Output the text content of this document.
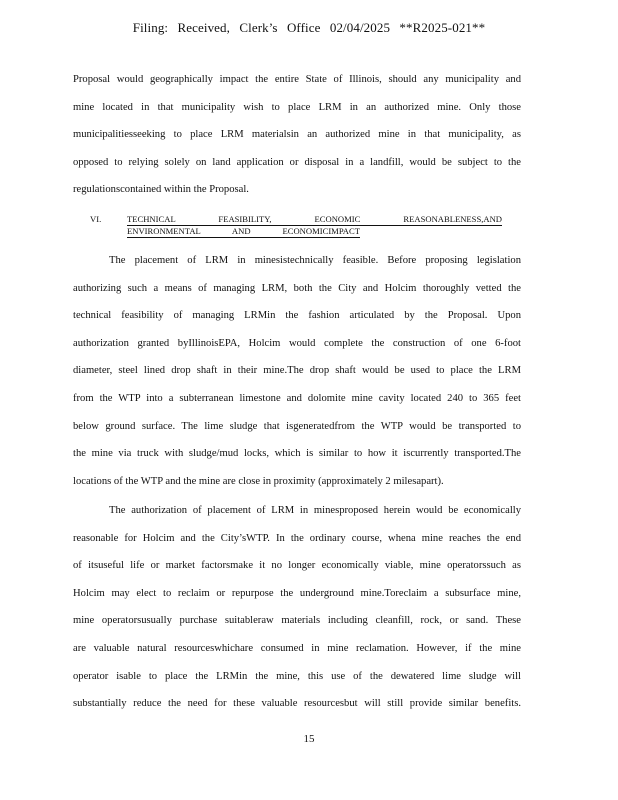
Filing: Received, Clerk’s Office 02/04/2025 **R2025-021**
Proposal would geographically impact the entire State of Illinois, should any municipality and
mine located in that municipality wish to place LRM in an authorized mine. Only those
municipalitiesseeking to place LRM materialsin an authorized mine in that municipality, as
opposed to relying solely on land application or disposal in a landfill, would be subject to the
regulationscontained within the Proposal.
VI.	TECHNICAL FEASIBILITY, ECONOMIC REASONABLENESS,AND
ENVIRONMENTAL AND ECONOMICIMPACT
The placement of LRM in minesistechnically feasible. Before proposing legislation
authorizing such a means of managing LRM, both the City and Holcim thoroughly vetted the
technical feasibility of managing LRMin the fashion articulated by the Proposal. Upon
authorization granted byIllinoisEPA, Holcim would complete the construction of one 6-foot
diameter, steel lined drop shaft in their mine.The drop shaft would be used to place the LRM
from the WTP into a subterranean limestone and dolomite mine cavity located 240 to 365 feet
below ground surface. The lime sludge that isgeneratedfrom the WTP would be transported to
the mine via truck with sludge/mud locks, which is similar to how it iscurrently transported.The
locations of the WTP and the mine are close in proximity (approximately 2 milesapart).
The authorization of placement of LRM in minesproposed herein would be economically
reasonable for Holcim and the City’sWTP. In the ordinary course, whena mine reaches the end
of itsuseful life or market factorsmake it no longer economically viable, mine operatorssuch as
Holcim may elect to reclaim or repurpose the underground mine.Toreclaim a subsurface mine,
mine operatorsusually purchase suitableraw materials including cleanfill, rock, or sand. These
are valuable natural resourceswhichare consumed in mine reclamation. However, if the mine
operator isable to place the LRMin the mine, this use of the dewatered lime sludge will
substantially reduce the need for these valuable resourcesbut will still provide similar benefits.
15
